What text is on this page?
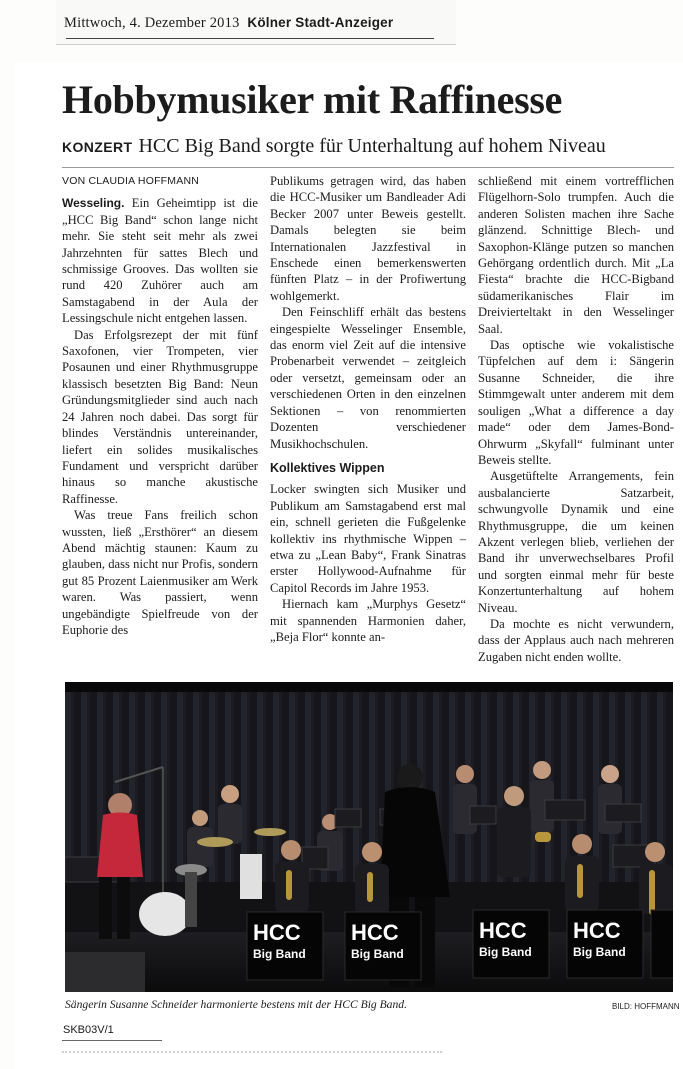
Mittwoch, 4. Dezember 2013 Kölner Stadt-Anzeiger
Hobbymusiker mit Raffinesse
KONZERT HCC Big Band sorgte für Unterhaltung auf hohem Niveau
VON CLAUDIA HOFFMANN

Wesseling. Ein Geheimtipp ist die „HCC Big Band“ schon lange nicht mehr. Sie steht seit mehr als zwei Jahrzehnten für sattes Blech und schmissige Grooves. Das wollten sie rund 420 Zuhörer auch am Samstagabend in der Aula der Lessingschule nicht entgehen lassen.

Das Erfolgsrezept der mit fünf Saxofonen, vier Trompeten, vier Posaunen und einer Rhythmusgruppe klassisch besetzten Big Band: Neun Gründungsmitglieder sind auch nach 24 Jahren noch dabei. Das sorgt für blindes Verständnis untereinander, liefert ein solides musikalisches Fundament und verspricht darüber hinaus so manche akustische Raffinesse.

Was treue Fans freilich schon wussten, ließ „Ersthörer“ an diesem Abend mächtig staunen: Kaum zu glauben, dass nicht nur Profis, sondern gut 85 Prozent Laienmusiker am Werk waren. Was passiert, wenn ungebändigte Spielfreude von der Euphorie des

Publikums getragen wird, das haben die HCC-Musiker um Bandleader Adi Becker 2007 unter Beweis gestellt. Damals belegten sie beim Internationalen Jazzfestival in Enschede einen bemerkenswerten fünften Platz – in der Profiwertung wohlgemerkt.

Den Feinschliff erhält das bestens eingespielte Wesselinger Ensemble, das enorm viel Zeit auf die intensive Probenarbeit verwendet – zeitgleich oder versetzt, gemeinsam oder an verschiedenen Orten in den einzelnen Sektionen – von renommierten Dozenten verschiedener Musikhochschulen.

Kollektives Wippen

Locker swingten sich Musiker und Publikum am Samstagabend erst mal ein, schnell gerieten die Fußgelenke kollektiv ins rhythmische Wippen – etwa zu „Lean Baby“, Frank Sinatras erster Hollywood-Aufnahme für Capitol Records im Jahre 1953.

Hiernach kam „Murphys Gesetz“ mit spannenden Harmonien daher, „Beja Flor“ konnte an-

schließend mit einem vortrefflichen Flügelhorn-Solo trumpfen. Auch die anderen Solisten machen ihre Sache glänzend. Schnittige Blech- und Saxophon-Klänge putzen so manchen Gehörgang ordentlich durch. Mit „La Fiesta“ brachte die HCC-Bigband südamerikanisches Flair im Dreivierteltakt in den Wesselinger Saal.

Das optische wie vokalistische Tüpfelchen auf dem i: Sängerin Susanne Schneider, die ihre Stimmgewalt unter anderem mit dem souligen „What a difference a day made“ oder dem James-Bond-Ohrwurm „Skyfall“ fulminant unter Beweis stellte.

Ausgetüftelte Arrangements, fein ausbalancierte Satzarbeit, schwungvolle Dynamik und eine Rhythmusgruppe, die um keinen Akzent verlegen blieb, verliehen der Band ihr unverwechselbares Profil und sorgten einmal mehr für beste Konzertunterhaltung auf hohem Niveau.

Da mochte es nicht verwundern, dass der Applaus auch nach mehreren Zugaben nicht enden wollte.

HCC
Big Band
HCC
Big Band
HCC
Big Band
HCC
Big Band
Sängerin Susanne Schneider harmonierte bestens mit der HCC Big Band.	BILD: HOFFMANN
SKB03V/1
